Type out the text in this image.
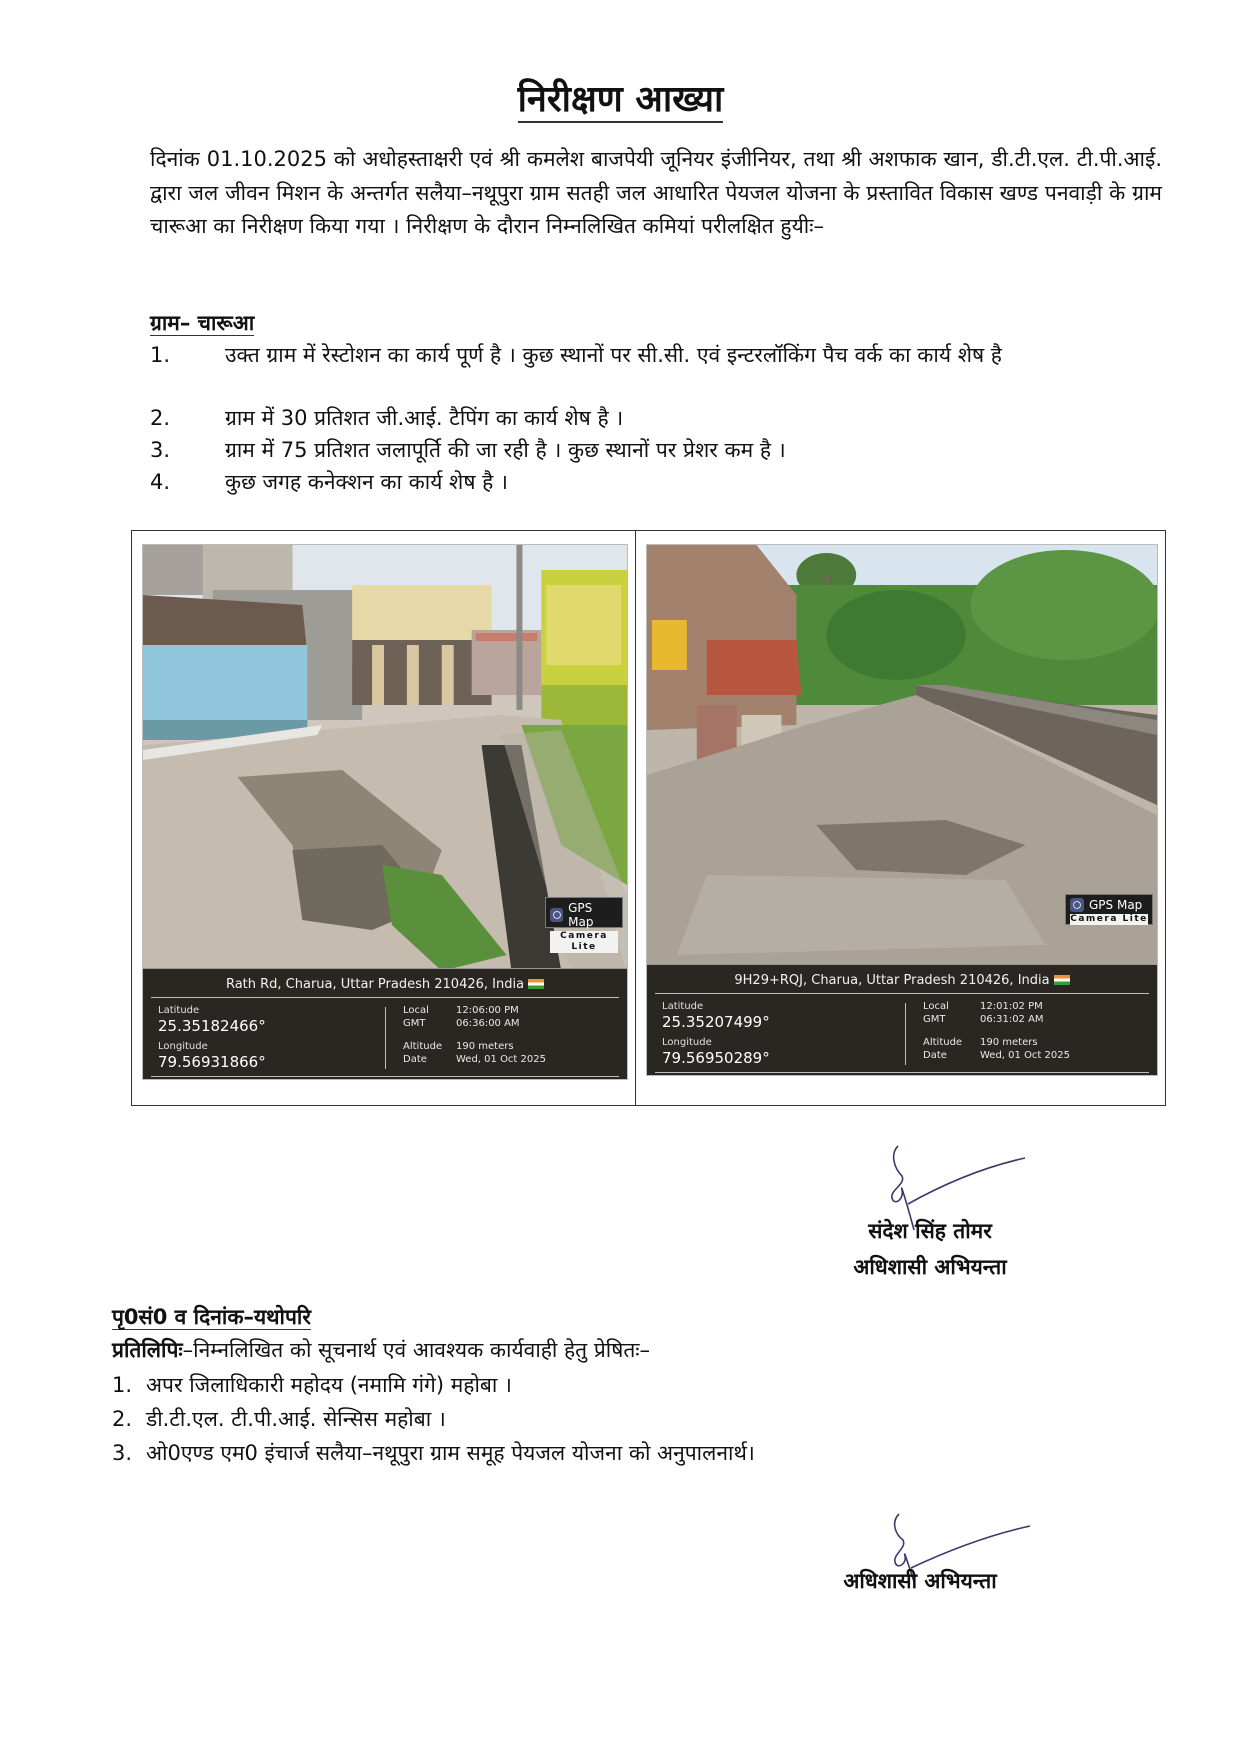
निरीक्षण आख्या
दिनांक 01.10.2025 को अधोहस्ताक्षरी एवं श्री कमलेश बाजपेयी जूनियर इंजीनियर, तथा श्री अशफाक खान, डी.टी.एल. टी.पी.आई. द्वारा जल जीवन मिशन के अन्तर्गत सलैया–नथूपुरा ग्राम सतही जल आधारित पेयजल योजना के प्रस्तावित विकास खण्ड पनवाड़ी के ग्राम चारूआ का निरीक्षण किया गया । निरीक्षण के दौरान निम्नलिखित कमियां परीलक्षित हुयीः–
ग्राम– चारूआ
1.	उक्त ग्राम में रेस्टोशन का कार्य पूर्ण है । कुछ स्थानों पर सी.सी. एवं इन्टरलॉकिंग पैच वर्क का कार्य शेष है
2.	ग्राम में 30 प्रतिशत जी.आई. टैपिंग का कार्य शेष है ।
3.	ग्राम में 75 प्रतिशत जलापूर्ति की जा रही है । कुछ स्थानों पर प्रेशर कम है ।
4.	कुछ जगह कनेक्शन का कार्य शेष है ।
GPS Map
Camera Lite
Rath Rd, Charua, Uttar Pradesh 210426, India
Latitude
25.35182466°
Longitude
79.56931866°
Local	12:06:00 PM
GMT	06:36:00 AM
Altitude 190 meters
Date	Wed, 01 Oct 2025
GPS Map
Camera Lite
9H29+RQJ, Charua, Uttar Pradesh 210426, India
Latitude
25.35207499°
Longitude
79.56950289°
Local	12:01:02 PM
GMT	06:31:02 AM
Altitude 190 meters
Date	Wed, 01 Oct 2025
संदेश सिंह तोमर
अधिशासी अभियन्ता
पृ0सं0 व दिनांक–यथोपरि
प्रतिलिपिः–निम्नलिखित को सूचनार्थ एवं आवश्यक कार्यवाही हेतु प्रेषितः–
1. अपर जिलाधिकारी महोदय (नमामि गंगे) महोबा ।
2. डी.टी.एल. टी.पी.आई. सेन्सिस महोबा ।
3. ओ0एण्ड एम0 इंचार्ज सलैया–नथूपुरा ग्राम समूह पेयजल योजना को अनुपालनार्थ।
अधिशासी अभियन्ता
